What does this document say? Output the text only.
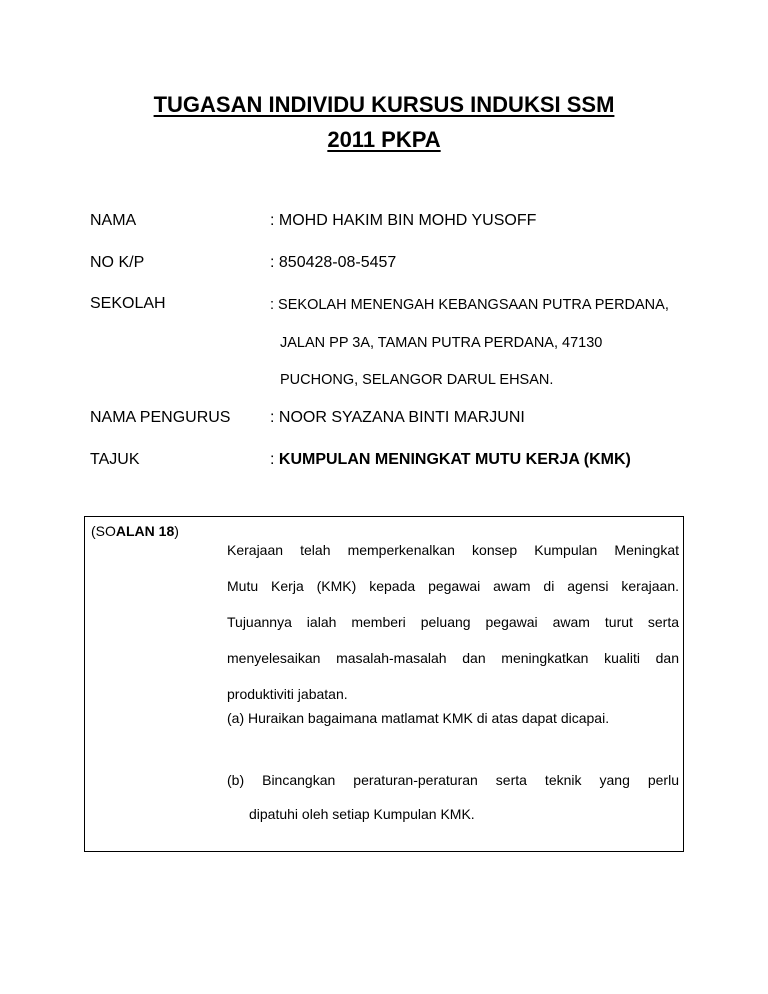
TUGASAN INDIVIDU KURSUS INDUKSI SSM
2011 PKPA
NAMA	: MOHD HAKIM BIN MOHD YUSOFF
NO K/P	: 850428-08-5457
SEKOLAH	: SEKOLAH MENENGAH KEBANGSAAN PUTRA PERDANA,
JALAN PP 3A, TAMAN PUTRA PERDANA, 47130
PUCHONG, SELANGOR DARUL EHSAN.
NAMA PENGURUS : NOOR SYAZANA BINTI MARJUNI
TAJUK	: KUMPULAN MENINGKAT MUTU KERJA (KMK)
(SOALAN 18)
Kerajaan telah memperkenalkan konsep Kumpulan Meningkat
Mutu Kerja (KMK) kepada pegawai awam di agensi kerajaan.
Tujuannya ialah memberi peluang pegawai awam turut serta
menyelesaikan masalah-masalah dan meningkatkan kualiti dan
produktiviti jabatan.
(a) Huraikan bagaimana matlamat KMK di atas dapat dicapai.
(b) Bincangkan peraturan-peraturan serta teknik yang perlu
dipatuhi oleh setiap Kumpulan KMK.
